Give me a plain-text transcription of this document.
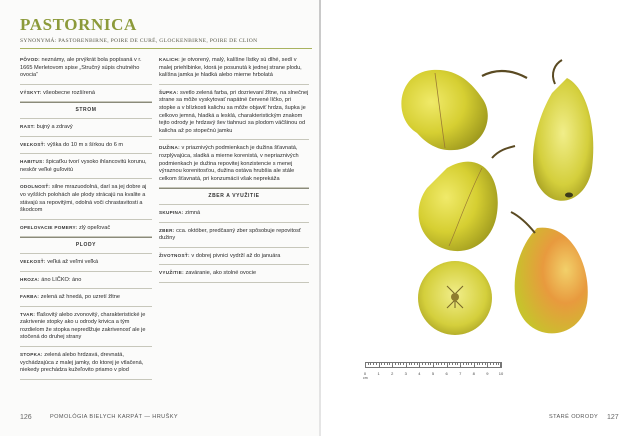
PASTORNICA
SYNONYMÁ: PASTORENBIRNE, POIRE DE CURÉ, GLOCKENBIRNE, POIRE DE CLION
PÔVOD: neznámy, ale prvýkrát bola popísaná v r. 1665 Merletovom spise „Stručný súpis chutného ovocia“
VÝSKYT: všeobecne rozšírená
STROM
RAST: bujný a zdravý
VEĽKOSŤ: výška do 10 m s šírkou do 6 m
HABITUS: špicaťku tvorí vysoko ihlancovitú korunu, neskôr veľké guľovitú
ODOLNOSŤ: silne mrazuodolná, darí sa jej dobre aj vo vyšších polohách ale plody strácajú na kvalite a stávajú sa repovitými, odolná voči chrastavitosti a škodcom
OPELOVACIE POMERY: zlý opeľovač
PLODY
VEĽKOSŤ: veľká až veľmi veľká
HROZA: áno LIČKO: áno
FARBA: zelená až hnedá, po uzretí žltne
TVAR: fľašovitý alebo zvonovitý, charakteristické je zakrivenie stopky ako u odrody krivica a tým rozdielom že stopka nepredlžuje zakrivenosť ale je stočená do druhej strany
STOPKA: zelená alebo hrdzavá, drevnatá, vychádzajúca z malej jamky, do ktorej je vtlačená, niekedy prechádza kužeľovito priamo v plod
KALICH: je otvorený, malý, kalíšne lístky sú dlhé, sedí v malej priehlbinke, ktorá je posunutá k jednej strane plodu, kalíšna jamka je hladká alebo mierne hrbolatá
ŠUPKA: svetlo zelená farba, pri dozrievaní žltne, na slnečnej strane sa môže vyskytovať napätné červené líčko, pri stopke a v blízkosti kalichu sa môže objaviť hrdza, šupka je celkovo jemná, hladká a lesklá, charakteristickým znakom tejto odrody je hrdzavý šev tiahnuci sa plodom väčšinou od kalicha až po stopečnú jamku
DUŽINA: v priaznivých podmienkach je dužina šťavnatá, rozplývajúca, sladká a mierne korenistá, v nepriaznivých podmienkach je dužina repovitej konzistencie s menej výraznou korenitosťou, dužina ostáva hrubšia ale stále celkom šťavnatá, pri konzumácii však neprekáža
ZBER A VYUŽITIE
SKUPINA: zimná
ZBER: cca. október, predčasný zber spôsobuje repovitosť dužiny
ŽIVOTNOSŤ: v dobrej pivnici vydrží až do januára
VYUŽITIE: zaváranie, ako stolné ovocie
126	POMOLÓGIA BIELYCH KARPÁT — HRUŠKY
0	1	2	3	4	5	6	7	8	9	10
cm
STARÉ ODRODY 127
